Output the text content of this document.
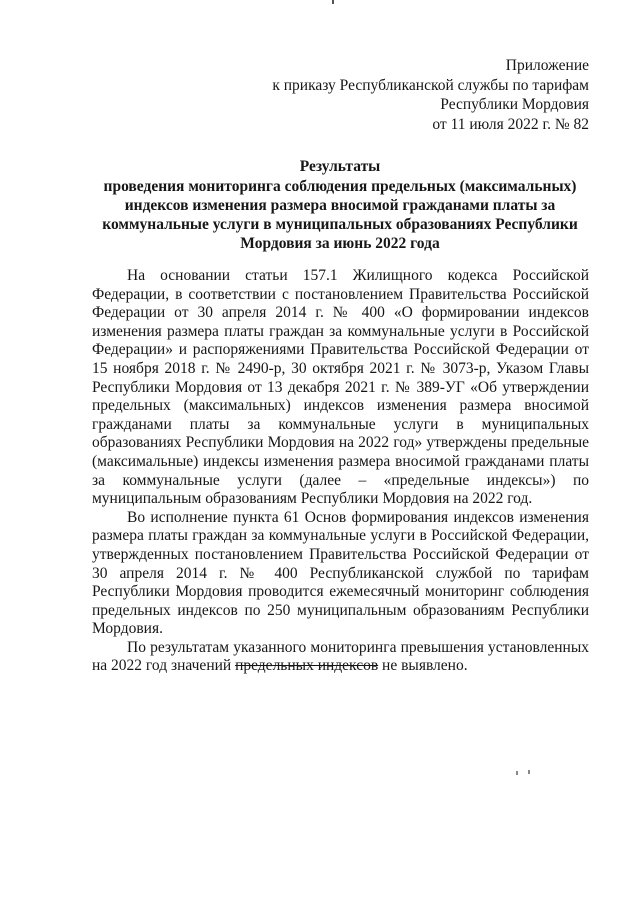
Приложение
к приказу Республиканской службы по тарифам
Республики Мордовия
от 11 июля 2022 г. № 82
Результаты
проведения мониторинга соблюдения предельных (максимальных) индексов изменения размера вносимой гражданами платы за коммунальные услуги в муниципальных образованиях Республики Мордовия за июнь 2022 года

На основании статьи 157.1 Жилищного кодекса Российской Федерации, в соответствии с постановлением Правительства Российской Федерации от 30 апреля 2014 г. № 400 «О формировании индексов изменения размера платы граждан за коммунальные услуги в Российской Федерации» и распоряжениями Правительства Российской Федерации от 15 ноября 2018 г. № 2490-р, 30 октября 2021 г. № 3073-р, Указом Главы Республики Мордовия от 13 декабря 2021 г. № 389-УГ «Об утверждении предельных (максимальных) индексов изменения размера вносимой гражданами платы за коммунальные услуги в муниципальных образованиях Республики Мордовия на 2022 год» утверждены предельные (максимальные) индексы изменения размера вносимой гражданами платы за коммунальные услуги (далее – «предельные индексы») по муниципальным образованиям Республики Мордовия на 2022 год.

Во исполнение пункта 61 Основ формирования индексов изменения размера платы граждан за коммунальные услуги в Российской Федерации, утвержденных постановлением Правительства Российской Федерации от 30 апреля 2014 г. № 400 Республиканской службой по тарифам Республики Мордовия проводится ежемесячный мониторинг соблюдения предельных индексов по 250 муниципальным образованиям Республики Мордовия.

По результатам указанного мониторинга превышения установленных на 2022 год значений предельных индексов не выявлено.
